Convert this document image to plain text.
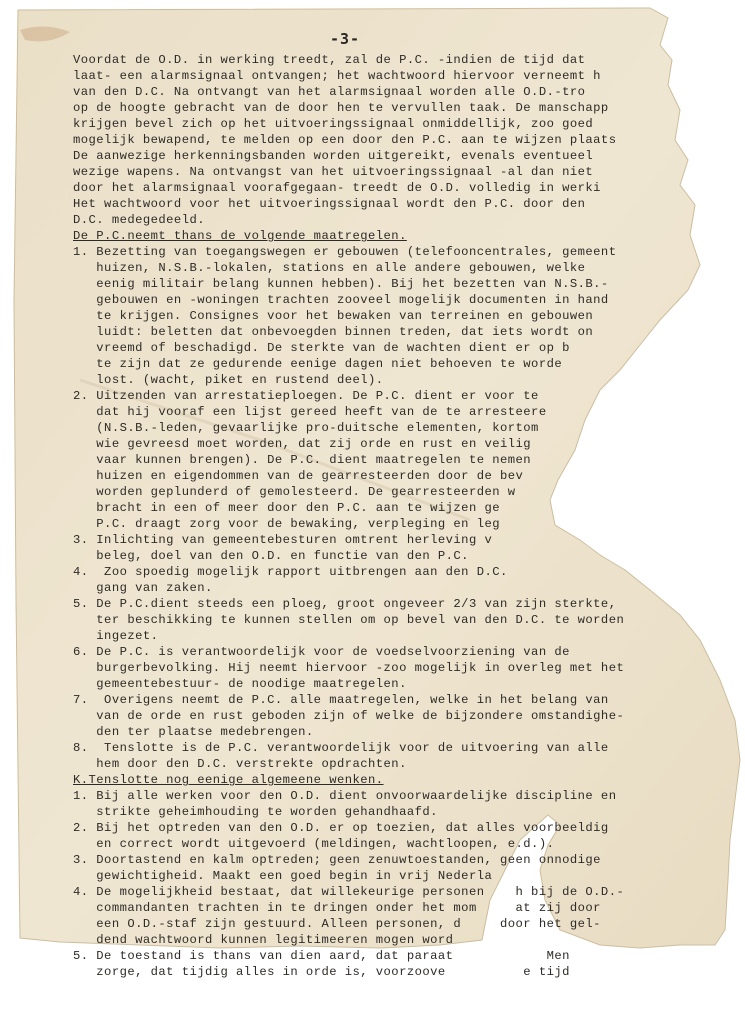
-3-

Voordat de O.D. in werking treedt, zal de P.C. -indien de tijd dat

laat- een alarmsignaal ontvangen; het wachtwoord hiervoor verneemt h

van den D.C. Na ontvangt van het alarmsignaal worden alle O.D.-tro

op de hoogte gebracht van de door hen te vervullen taak. De manschapp

krijgen bevel zich op het uitvoeringssignaal onmiddellijk, zoo goed

mogelijk bewapend, te melden op een door den P.C. aan te wijzen plaats

De aanwezige herkenningsbanden worden uitgereikt, evenals eventueel

wezige wapens. Na ontvangst van het uitvoeringssignaal -al dan niet

door het alarmsignaal voorafgegaan- treedt de O.D. volledig in werki

Het wachtwoord voor het uitvoeringssignaal wordt den P.C. door den

D.C. medegedeeld.

De P.C.neemt thans de volgende maatregelen.

1. Bezetting van toegangswegen er gebouwen (telefooncentrales, gemeent

huizen, N.S.B.-lokalen, stations en alle andere gebouwen, welke

eenig militair belang kunnen hebben). Bij het bezetten van N.S.B.-

gebouwen en -woningen trachten zooveel mogelijk documenten in hand

te krijgen. Consignes voor het bewaken van terreinen en gebouwen

luidt: beletten dat onbevoegden binnen treden, dat iets wordt on

vreemd of beschadigd. De sterkte van de wachten dient er op b

te zijn dat ze gedurende eenige dagen niet behoeven te worde

lost. (wacht, piket en rustend deel).

2. Uitzenden van arrestatieploegen. De P.C. dient er voor te

dat hij vooraf een lijst gereed heeft van de te arresteere

(N.S.B.-leden, gevaarlijke pro-duitsche elementen, kortom

wie gevreesd moet worden, dat zij orde en rust en veilig

vaar kunnen brengen). De P.C. dient maatregelen te nemen

huizen en eigendommen van de gearresteerden door de bev

worden geplunderd of gemolesteerd. De gearresteerden w

bracht in een of meer door den P.C. aan te wijzen ge

P.C. draagt zorg voor de bewaking, verpleging en leg

3. Inlichting van gemeentebesturen omtrent herleving v

beleg, doel van den O.D. en functie van den P.C.

4.  Zoo spoedig mogelijk rapport uitbrengen aan den D.C.

gang van zaken.

5. De P.C.dient steeds een ploeg, groot ongeveer 2/3 van zijn sterkte,

ter beschikking te kunnen stellen om op bevel van den D.C. te worden

ingezet.

6. De P.C. is verantwoordelijk voor de voedselvoorziening van de

burgerbevolking. Hij neemt hiervoor -zoo mogelijk in overleg met het

gemeentebestuur- de noodige maatregelen.

7.  Overigens neemt de P.C. alle maatregelen, welke in het belang van

van de orde en rust geboden zijn of welke de bijzondere omstandighe-

den ter plaatse medebrengen.

8.  Tenslotte is de P.C. verantwoordelijk voor de uitvoering van alle

hem door den D.C. verstrekte opdrachten.

K.Tenslotte nog eenige algemeene wenken.

1. Bij alle werken voor den O.D. dient onvoorwaardelijke discipline en

strikte geheimhouding te worden gehandhaafd.

2. Bij het optreden van den O.D. er op toezien, dat alles voorbeeldig

en correct wordt uitgevoerd (meldingen, wachtloopen, e.d.).

3. Doortastend en kalm optreden; geen zenuwtoestanden, geen onnodige

gewichtigheid. Maakt een goed begin in vrij Nederla

4. De mogelijkheid bestaat, dat willekeurige personen    h bij de O.D.-

commandanten trachten in te dringen onder het mom     at zij door

een O.D.-staf zijn gestuurd. Alleen personen, d     door het gel-

dend wachtwoord kunnen legitimeeren mogen word

5. De toestand is thans van dien aard, dat paraat            Men

zorge, dat tijdig alles in orde is, voorzoove          e tijd
